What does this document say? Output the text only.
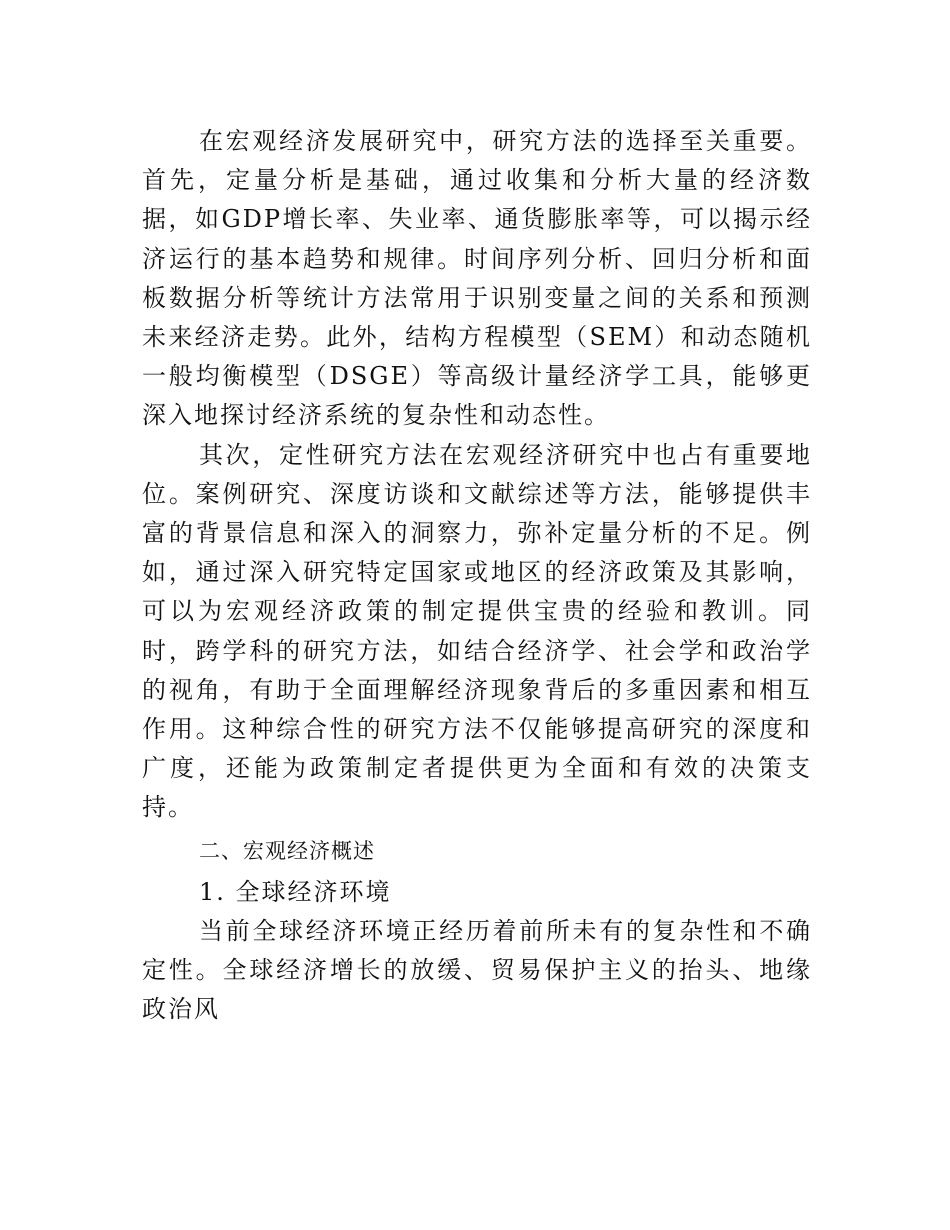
在宏观经济发展研究中，研究方法的选择至关重要。首先，定量分析是基础，通过收集和分析大量的经济数据，如GDP增长率、失业率、通货膨胀率等，可以揭示经济运行的基本趋势和规律。时间序列分析、回归分析和面板数据分析等统计方法常用于识别变量之间的关系和预测未来经济走势。此外，结构方程模型（SEM）和动态随机一般均衡模型（DSGE）等高级计量经济学工具，能够更深入地探讨经济系统的复杂性和动态性。

其次，定性研究方法在宏观经济研究中也占有重要地位。案例研究、深度访谈和文献综述等方法，能够提供丰富的背景信息和深入的洞察力，弥补定量分析的不足。例如，通过深入研究特定国家或地区的经济政策及其影响，可以为宏观经济政策的制定提供宝贵的经验和教训。同时，跨学科的研究方法，如结合经济学、社会学和政治学的视角，有助于全面理解经济现象背后的多重因素和相互作用。这种综合性的研究方法不仅能够提高研究的深度和广度，还能为政策制定者提供更为全面和有效的决策支持。

二、宏观经济概述

1. 全球经济环境

当前全球经济环境正经历着前所未有的复杂性和不确定性。全球经济增长的放缓、贸易保护主义的抬头、地缘政治风
